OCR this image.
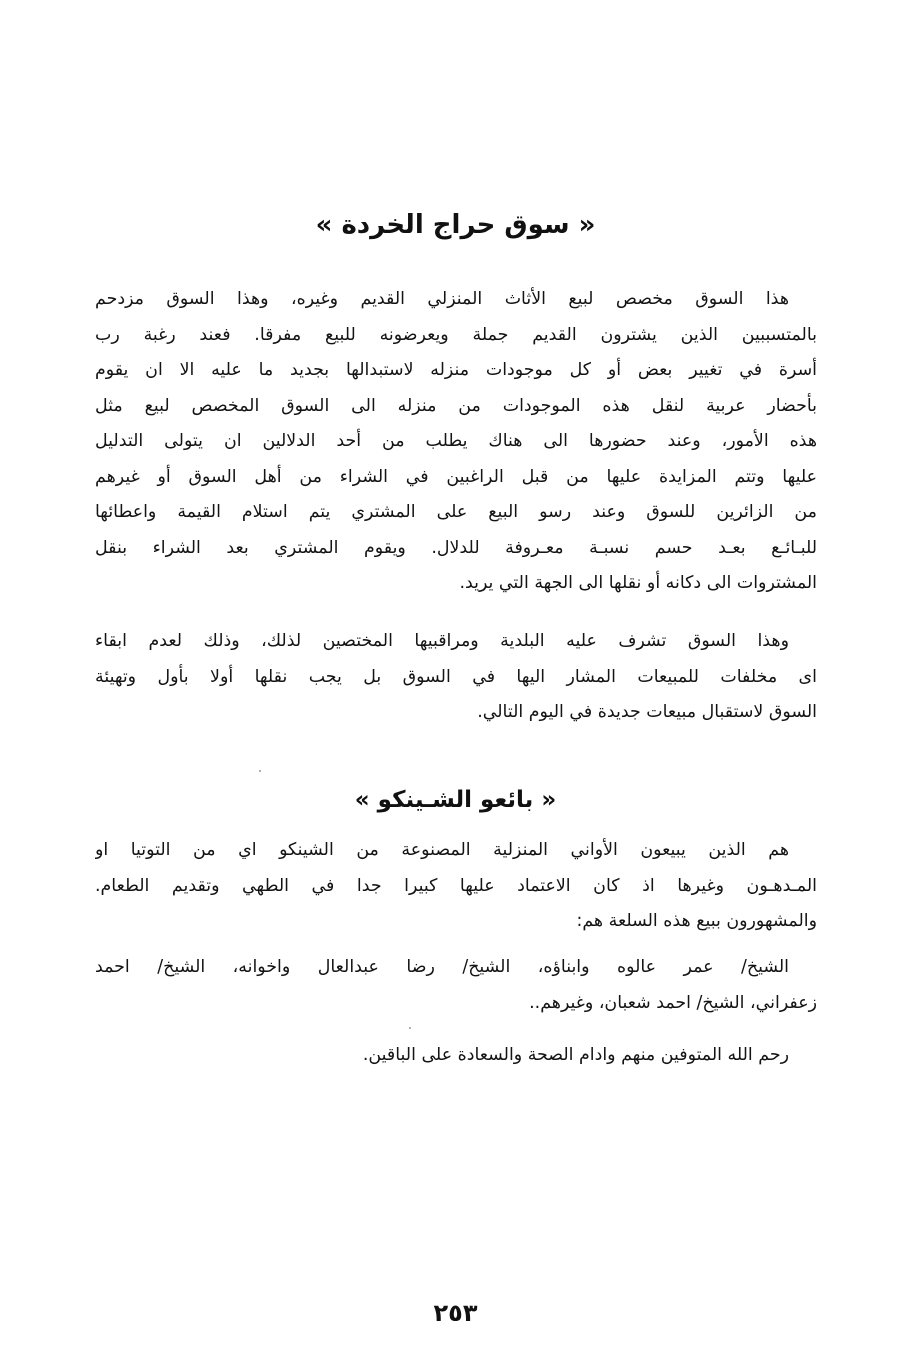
« سوق حراج الخردة »

هذا السوق مخصص لبيع الأثاث المنزلي القديم وغيره، وهذا السوق مزدحم
بالمتسببين الذين يشترون القديم جملة ويعرضونه للبيع مفرقا. فعند رغبة رب
أسرة في تغيير بعض أو كل موجودات منزله لاستبدالها بجديد ما عليه الا ان يقوم
بأحضار عربية لنقل هذه الموجودات من منزله الى السوق المخصص لبيع مثل
هذه الأمور، وعند حضورها الى هناك يطلب من أحد الدلالين ان يتولى التدليل
عليها وتتم المزايدة عليها من قبل الراغبين في الشراء من أهل السوق أو غيرهم
من الزائرين للسوق وعند رسو البيع على المشتري يتم استلام القيمة واعطائها
للبـائـع بعـد حسم نسبـة معـروفة للدلال. ويقوم المشتري بعد الشراء بنقل
المشتروات الى دكانه أو نقلها الى الجهة التي يريد.

وهذا السوق تشرف عليه البلدية ومراقبيها المختصين لذلك، وذلك لعدم ابقاء
اى مخلفات للمبيعات المشار اليها في السوق بل يجب نقلها أولا بأول وتهيئة
السوق لاستقبال مبيعات جديدة في اليوم التالي.

« بائعو الشـينكو »

هم الذين يبيعون الأواني المنزلية المصنوعة من الشينكو اي من التوتيا او
المـدهـون وغيرها اذ كان الاعتماد عليها كبيرا جدا في الطهي وتقديم الطعام.
والمشهورون ببيع هذه السلعة هم:

الشيخ/ عمر عالوه وابناؤه، الشيخ/ رضا عبدالعال واخوانه، الشيخ/ احمد
زعفراني، الشيخ/ احمد شعبان، وغيرهم..

رحم الله المتوفين منهم وادام الصحة والسعادة على الباقين.

٢٥٣
